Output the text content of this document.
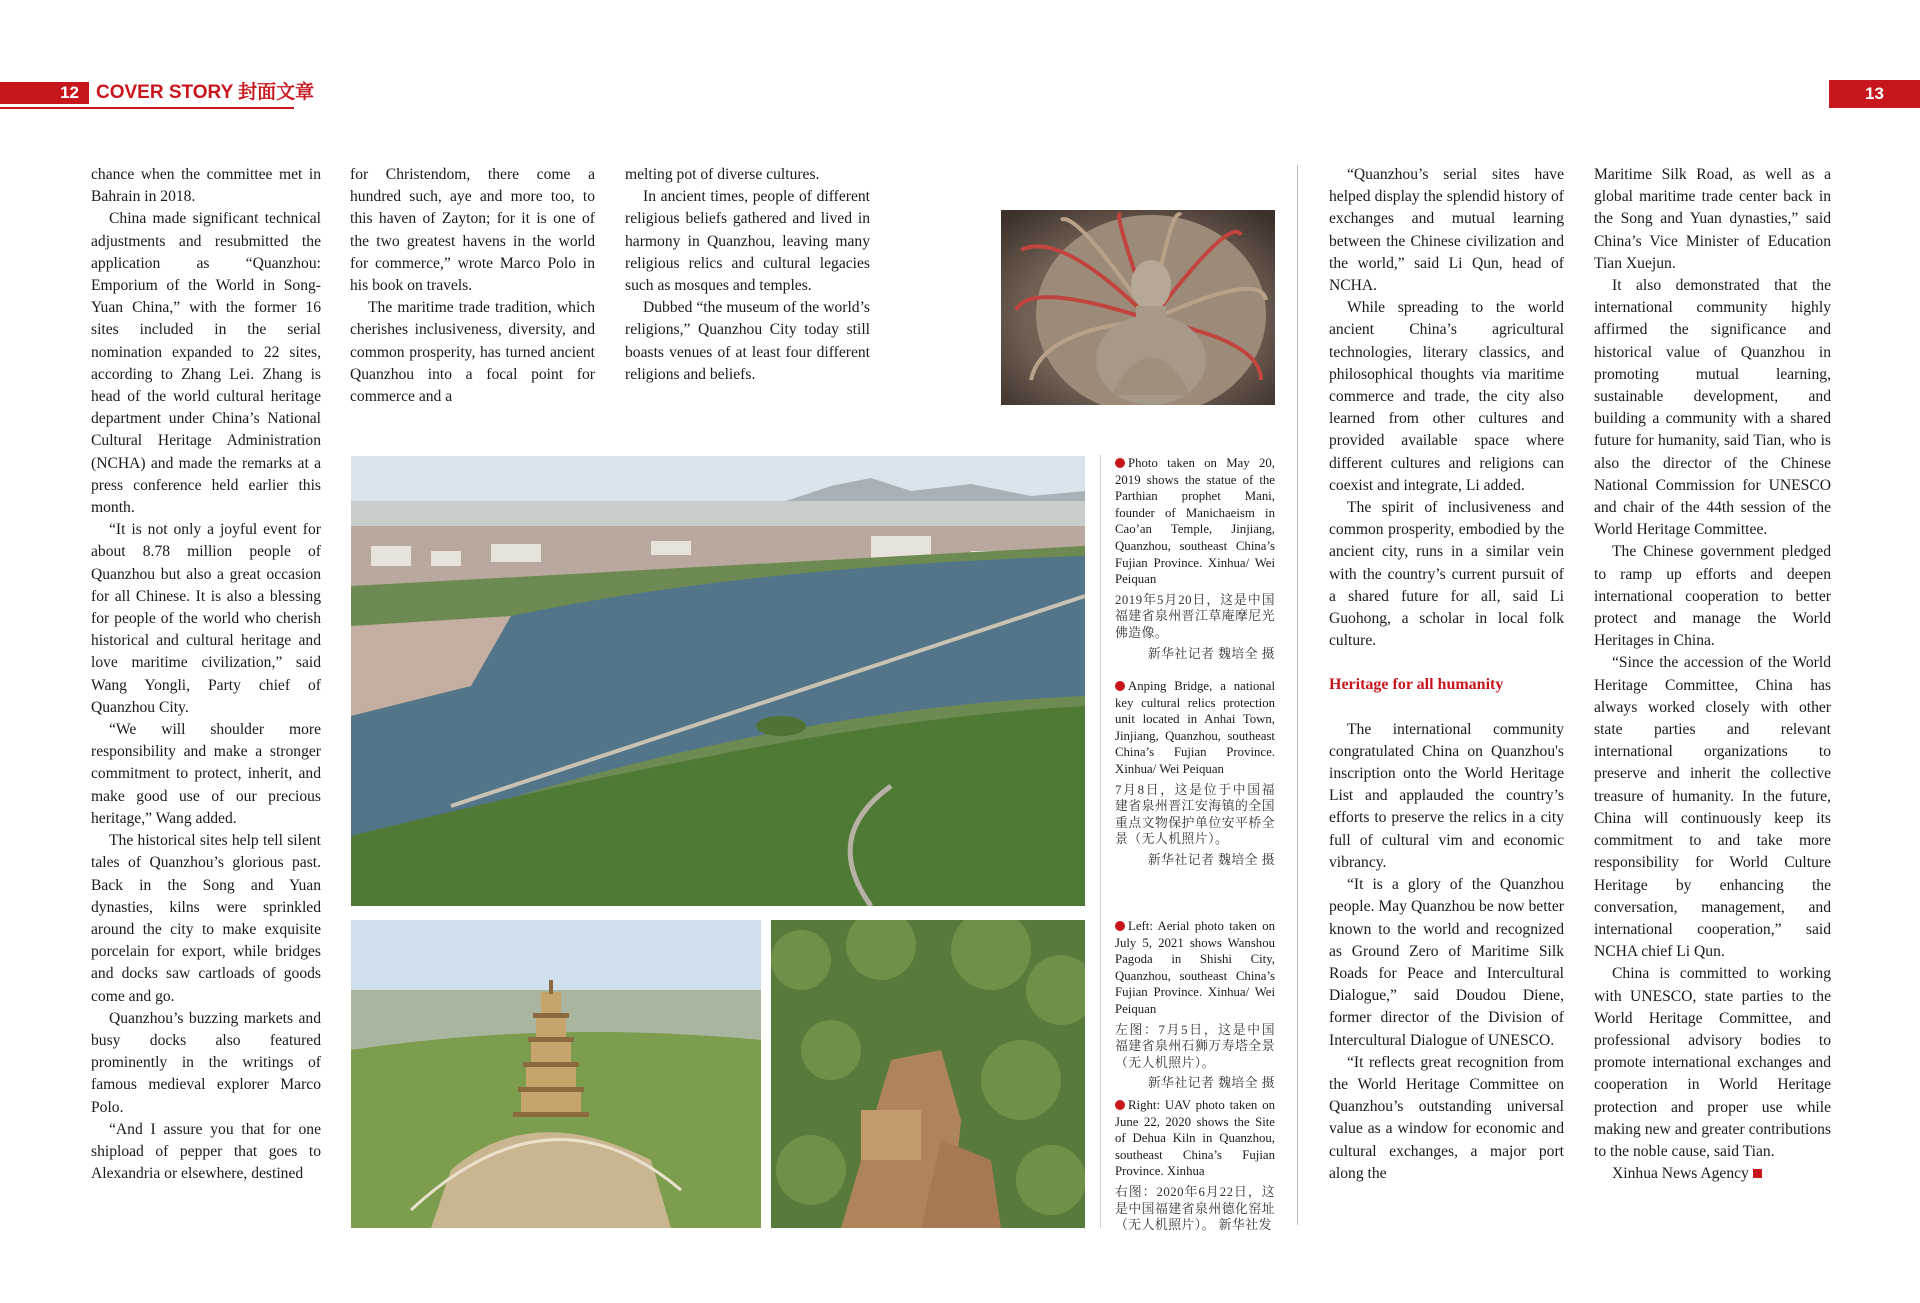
12 COVER STORY 封面文章	13

chance when the committee met in Bahrain in 2018.

China made significant technical adjustments and resubmitted the application as “Quanzhou: Emporium of the World in Song-Yuan China,” with the former 16 sites included in the serial nomination expanded to 22 sites, according to Zhang Lei. Zhang is head of the world cultural heritage department under China’s National Cultural Heritage Administration (NCHA) and made the remarks at a press conference held earlier this month.

“It is not only a joyful event for about 8.78 million people of Quanzhou but also a great occasion for all Chinese. It is also a blessing for people of the world who cherish historical and cultural heritage and love maritime civilization,” said Wang Yongli, Party chief of Quanzhou City.

“We will shoulder more responsibility and make a stronger commitment to protect, inherit, and make good use of our precious heritage,” Wang added.

The historical sites help tell silent tales of Quanzhou’s glorious past. Back in the Song and Yuan dynasties, kilns were sprinkled around the city to make exquisite porcelain for export, while bridges and docks saw cartloads of goods come and go.

Quanzhou’s buzzing markets and busy docks also featured prominently in the writings of famous medieval explorer Marco Polo.

“And I assure you that for one shipload of pepper that goes to Alexandria or elsewhere, destined

for Christendom, there come a hundred such, aye and more too, to this haven of Zayton; for it is one of the two greatest havens in the world for commerce,” wrote Marco Polo in his book on travels.

The maritime trade tradition, which cherishes inclusiveness, diversity, and common prosperity, has turned ancient Quanzhou into a focal point for commerce and a

melting pot of diverse cultures.

In ancient times, people of different religious beliefs gathered and lived in harmony in Quanzhou, leaving many religious relics and cultural legacies such as mosques and temples.

Dubbed “the museum of the world’s religions,” Quanzhou City today still boasts venues of at least four different religions and beliefs.

Photo taken on May 20, 2019 shows the statue of the Parthian prophet Mani, founder of Manichaeism in Cao’an Temple, Jinjiang, Quanzhou, southeast China’s Fujian Province. Xinhua/ Wei Peiquan
2019年5月20日，这是中国福建省泉州晋江草庵摩尼光佛造像。
新华社记者 魏培全 摄
Anping Bridge, a national key cultural relics protection unit located in Anhai Town, Jinjiang, Quanzhou, southeast China’s Fujian Province. Xinhua/ Wei Peiquan
7月8日，这是位于中国福建省泉州晋江安海镇的全国重点文物保护单位安平桥全景（无人机照片）。
新华社记者 魏培全 摄
Left: Aerial photo taken on July 5, 2021 shows Wanshou Pagoda in Shishi City, Quanzhou, southeast China’s Fujian Province. Xinhua/ Wei Peiquan
左图：7月5日，这是中国福建省泉州石狮万寿塔全景（无人机照片）。
新华社记者 魏培全 摄
Right: UAV photo taken on June 22, 2020 shows the Site of Dehua Kiln in Quanzhou, southeast China’s Fujian Province. Xinhua
右图：2020年6月22日，这是中国福建省泉州德化窑址（无人机照片）。 新华社发

“Quanzhou’s serial sites have helped display the splendid history of exchanges and mutual learning between the Chinese civilization and the world,” said Li Qun, head of NCHA.

While spreading to the world ancient China’s agricultural technologies, literary classics, and philosophical thoughts via maritime commerce and trade, the city also learned from other cultures and provided available space where different cultures and religions can coexist and integrate, Li added.

The spirit of inclusiveness and common prosperity, embodied by the ancient city, runs in a similar vein with the country’s current pursuit of a shared future for all, said Li Guohong, a scholar in local folk culture.

Heritage for all humanity

The international community congratulated China on Quanzhou's inscription onto the World Heritage List and applauded the country’s efforts to preserve the relics in a city full of cultural vim and economic vibrancy.

“It is a glory of the Quanzhou people. May Quanzhou be now better known to the world and recognized as Ground Zero of Maritime Silk Roads for Peace and Intercultural Dialogue,” said Doudou Diene, former director of the Division of Intercultural Dialogue of UNESCO.

“It reflects great recognition from the World Heritage Committee on Quanzhou’s outstanding universal value as a window for economic and cultural exchanges, a major port along the

Maritime Silk Road, as well as a global maritime trade center back in the Song and Yuan dynasties,” said China’s Vice Minister of Education Tian Xuejun.

It also demonstrated that the international community highly affirmed the significance and historical value of Quanzhou in promoting mutual learning, sustainable development, and building a community with a shared future for humanity, said Tian, who is also the director of the Chinese National Commission for UNESCO and chair of the 44th session of the World Heritage Committee.

The Chinese government pledged to ramp up efforts and deepen international cooperation to better protect and manage the World Heritages in China.

“Since the accession of the World Heritage Committee, China has always worked closely with other state parties and relevant international organizations to preserve and inherit the collective treasure of humanity. In the future, China will continuously keep its commitment to and take more responsibility for World Culture Heritage by enhancing the conversation, management, and international cooperation,” said NCHA chief Li Qun.

China is committed to working with UNESCO, state parties to the World Heritage Committee, and professional advisory bodies to promote international exchanges and cooperation in World Heritage protection and proper use while making new and greater contributions to the noble cause, said Tian.

Xinhua News Agency
